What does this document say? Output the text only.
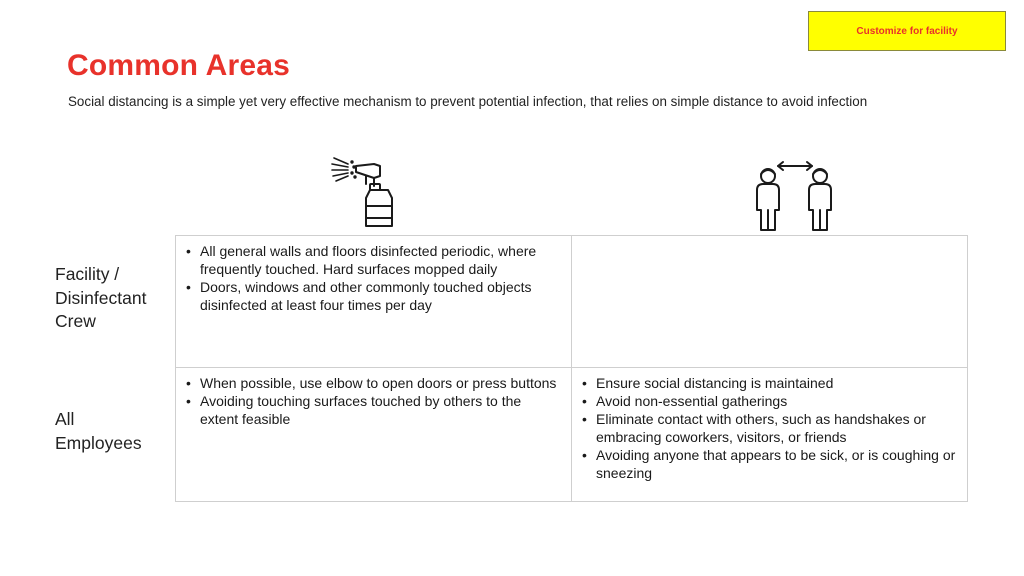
Customize for facility
Common Areas

Social distancing is a simple yet very effective mechanism to prevent potential infection, that relies on simple distance to avoid infection

Facility /
Disinfectant
Crew
All
Employees
• All general walls and floors disinfected periodic, where frequently touched. Hard surfaces mopped daily
• Doors, windows and other commonly touched objects disinfected at least four times per day
• When possible, use elbow to open doors or press buttons
• Avoiding touching surfaces touched by others to the extent feasible
• Ensure social distancing is maintained
• Avoid non-essential gatherings
• Eliminate contact with others, such as handshakes or embracing coworkers, visitors, or friends
• Avoiding anyone that appears to be sick, or is coughing or sneezing
